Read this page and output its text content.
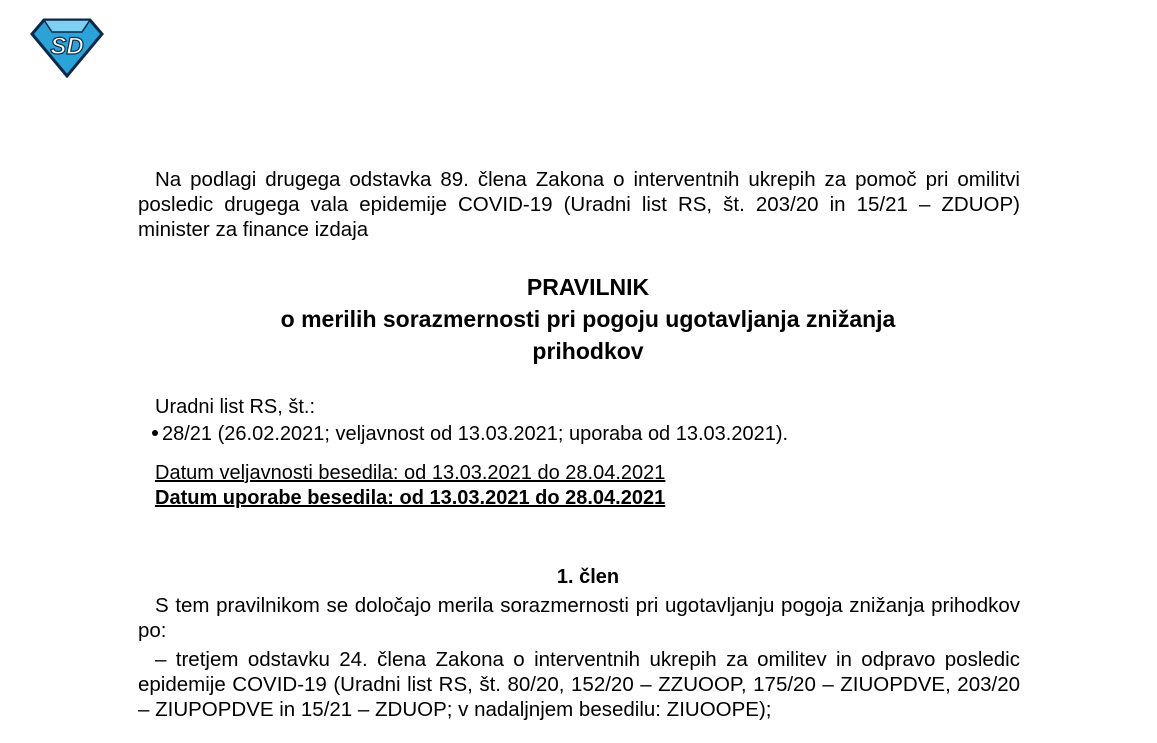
SD

Na podlagi drugega odstavka 89. člena Zakona o interventnih ukrepih za pomoč pri omilitvi posledic drugega vala epidemije COVID-19 (Uradni list RS, št. 203/20 in 15/21 – ZDUOP) minister za finance izdaja

PRAVILNIK
o merilih sorazmernosti pri pogoju ugotavljanja znižanja
prihodkov

Uradni list RS, št.:

28/21 (26.02.2021; veljavnost od 13.03.2021; uporaba od 13.03.2021).

Datum veljavnosti besedila: od 13.03.2021 do 28.04.2021

Datum uporabe besedila: od 13.03.2021 do 28.04.2021

1. člen

S tem pravilnikom se določajo merila sorazmernosti pri ugotavljanju pogoja znižanja prihodkov po:

– tretjem odstavku 24. člena Zakona o interventnih ukrepih za omilitev in odpravo posledic epidemije COVID-19 (Uradni list RS, št. 80/20, 152/20 – ZZUOOP, 175/20 – ZIUOPDVE, 203/20 – ZIUPOPDVE in 15/21 – ZDUOP; v nadaljnjem besedilu: ZIUOOPE);
